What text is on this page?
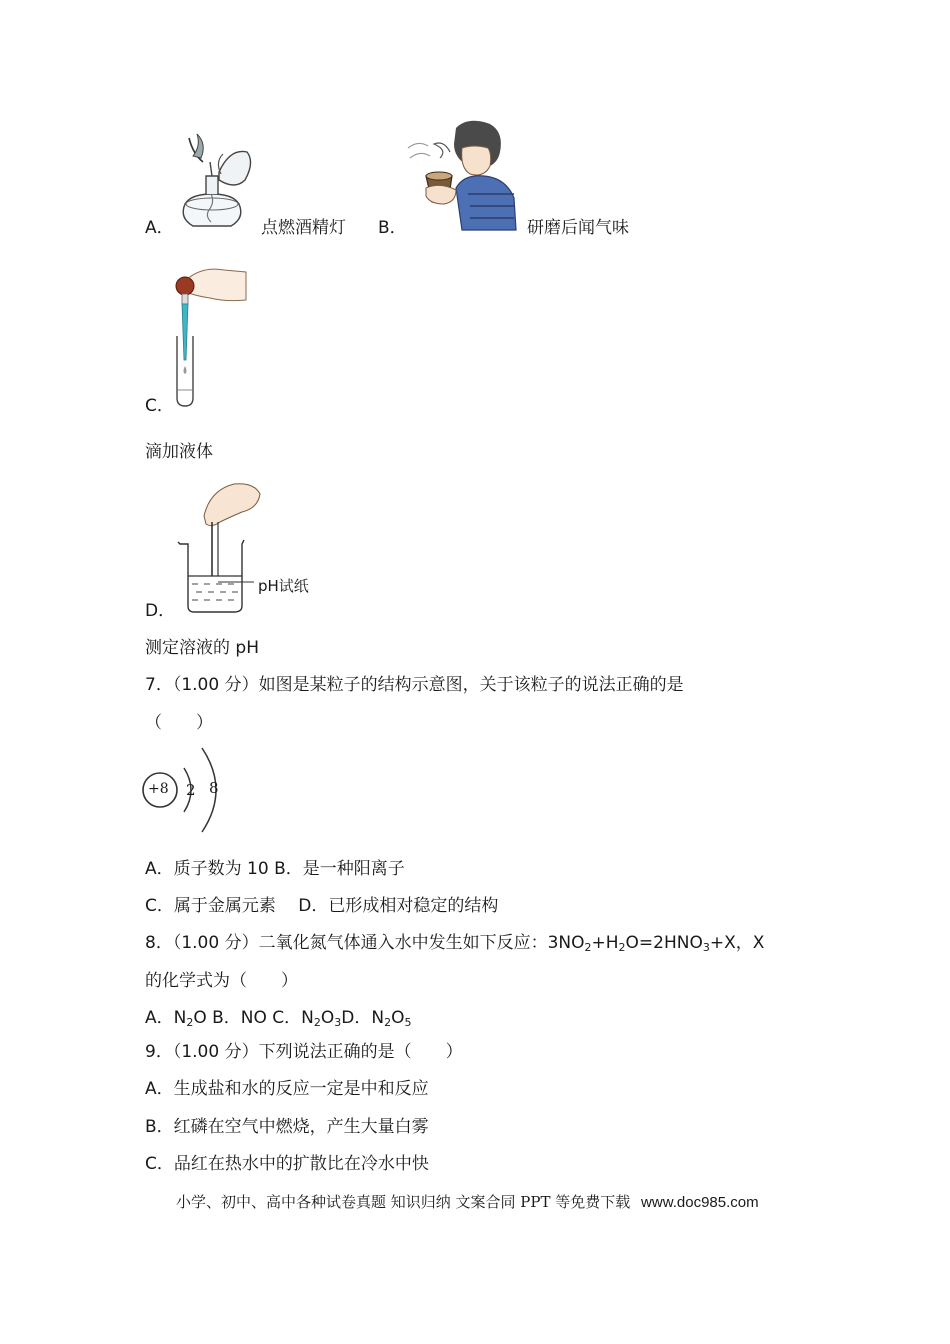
A．	点燃酒精灯 B．	研磨后闻气味
C．
滴加液体
pH试纸
D．
测定溶液的 pH
7．（1.00 分）如图是某粒子的结构示意图，关于该粒子的说法正确的是
（　　）
+8 2 8
A．质子数为 10 B．是一种阳离子
C．属于金属元素　 D．已形成相对稳定的结构
8．（1.00 分）二氧化氮气体通入水中发生如下反应：$3NO_2+H_2O=2HNO_3+X$，X
的化学式为（　　）
A．$N_2O$ B．NO C．$N_2O_3D$．$N_2O_5$
9．（1.00 分）下列说法正确的是（　　）
A．生成盐和水的反应一定是中和反应
B．红磷在空气中燃烧，产生大量白雾
C．品红在热水中的扩散比在冷水中快
小学、初中、高中各种试卷真题 知识归纳 文案合同 PPT 等免费下载 www.doc985.com
